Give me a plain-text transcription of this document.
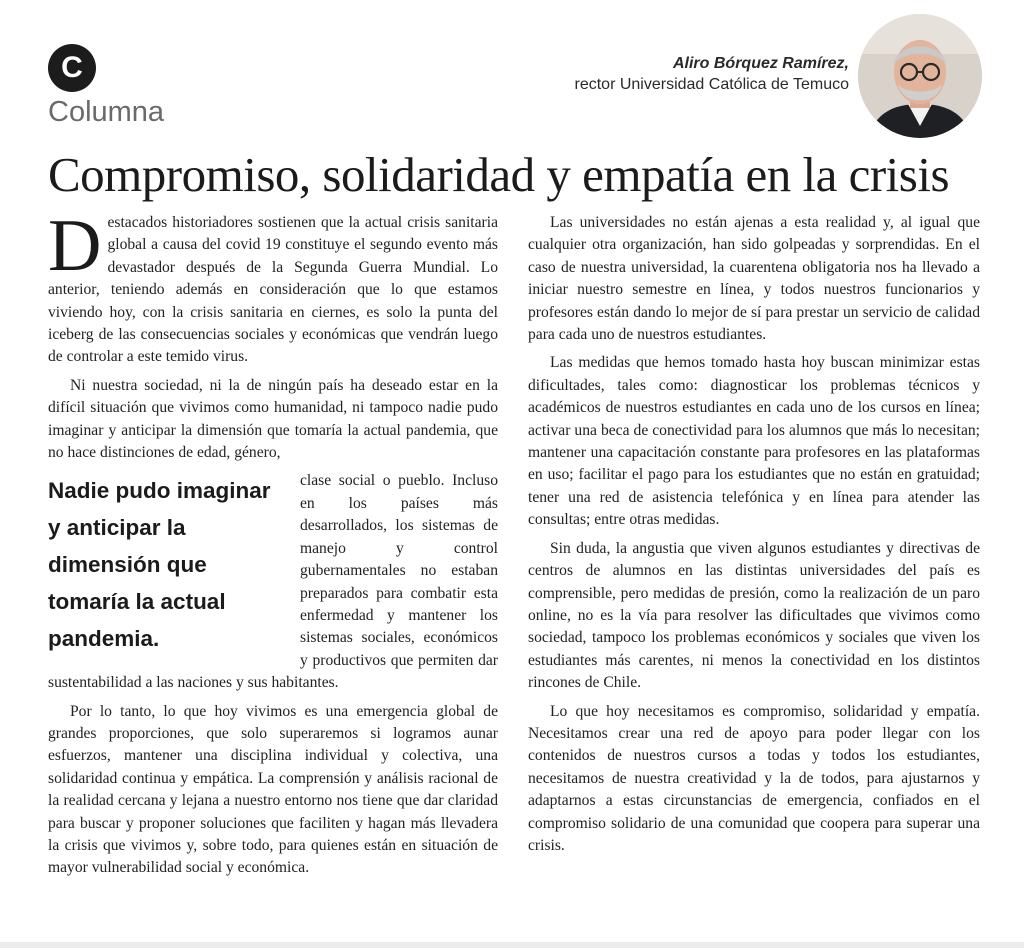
C
Columna
Aliro Bórquez Ramírez,
rector Universidad Católica de Temuco
Compromiso, solidaridad y empatía en la crisis

Destacados historiadores sostienen que la actual crisis sanitaria global a causa del covid 19 constituye el segundo evento más devastador después de la Segunda Guerra Mundial. Lo anterior, teniendo además en consideración que lo que estamos viviendo hoy, con la crisis sanitaria en ciernes, es solo la punta del iceberg de las consecuencias sociales y económicas que vendrán luego de controlar a este temido virus.

Ni nuestra sociedad, ni la de ningún país ha deseado estar en la difícil situación que vivimos como humanidad, ni tampoco nadie pudo imaginar y anticipar la dimensión que tomaría la actual pandemia, que no hace distinciones de edad, género,

Nadie pudo imaginar y anticipar la dimensión que tomaría la actual pandemia.
clase social o pueblo. Incluso en los países más desarrollados, los sistemas de manejo y control gubernamentales no estaban preparados para combatir esta enfermedad y mantener los sistemas sociales, económicos y productivos que permiten dar sustentabilidad a las naciones y sus habitantes.

Por lo tanto, lo que hoy vivimos es una emergencia global de grandes proporciones, que solo superaremos si logramos aunar esfuerzos, mantener una disciplina individual y colectiva, una solidaridad continua y empática. La comprensión y análisis racional de la realidad cercana y lejana a nuestro entorno nos tiene que dar claridad para buscar y proponer soluciones que faciliten y hagan más llevadera la crisis que vivimos y, sobre todo, para quienes están en situación de mayor vulnerabilidad social y económica.

Las universidades no están ajenas a esta realidad y, al igual que cualquier otra organización, han sido golpeadas y sorprendidas. En el caso de nuestra universidad, la cuarentena obligatoria nos ha llevado a iniciar nuestro semestre en línea, y todos nuestros funcionarios y profesores están dando lo mejor de sí para prestar un servicio de calidad para cada uno de nuestros estudiantes.

Las medidas que hemos tomado hasta hoy buscan minimizar estas dificultades, tales como: diagnosticar los problemas técnicos y académicos de nuestros estudiantes en cada uno de los cursos en línea; activar una beca de conectividad para los alumnos que más lo necesitan; mantener una capacitación constante para profesores en las plataformas en uso; facilitar el pago para los estudiantes que no están en gratuidad; tener una red de asistencia telefónica y en línea para atender las consultas; entre otras medidas.

Sin duda, la angustia que viven algunos estudiantes y directivas de centros de alumnos en las distintas universidades del país es comprensible, pero medidas de presión, como la realización de un paro online, no es la vía para resolver las dificultades que vivimos como sociedad, tampoco los problemas económicos y sociales que viven los estudiantes más carentes, ni menos la conectividad en los distintos rincones de Chile.

Lo que hoy necesitamos es compromiso, solidaridad y empatía. Necesitamos crear una red de apoyo para poder llegar con los contenidos de nuestros cursos a todas y todos los estudiantes, necesitamos de nuestra creatividad y la de todos, para ajustarnos y adaptarnos a estas circunstancias de emergencia, confiados en el compromiso solidario de una comunidad que coopera para superar una crisis.
